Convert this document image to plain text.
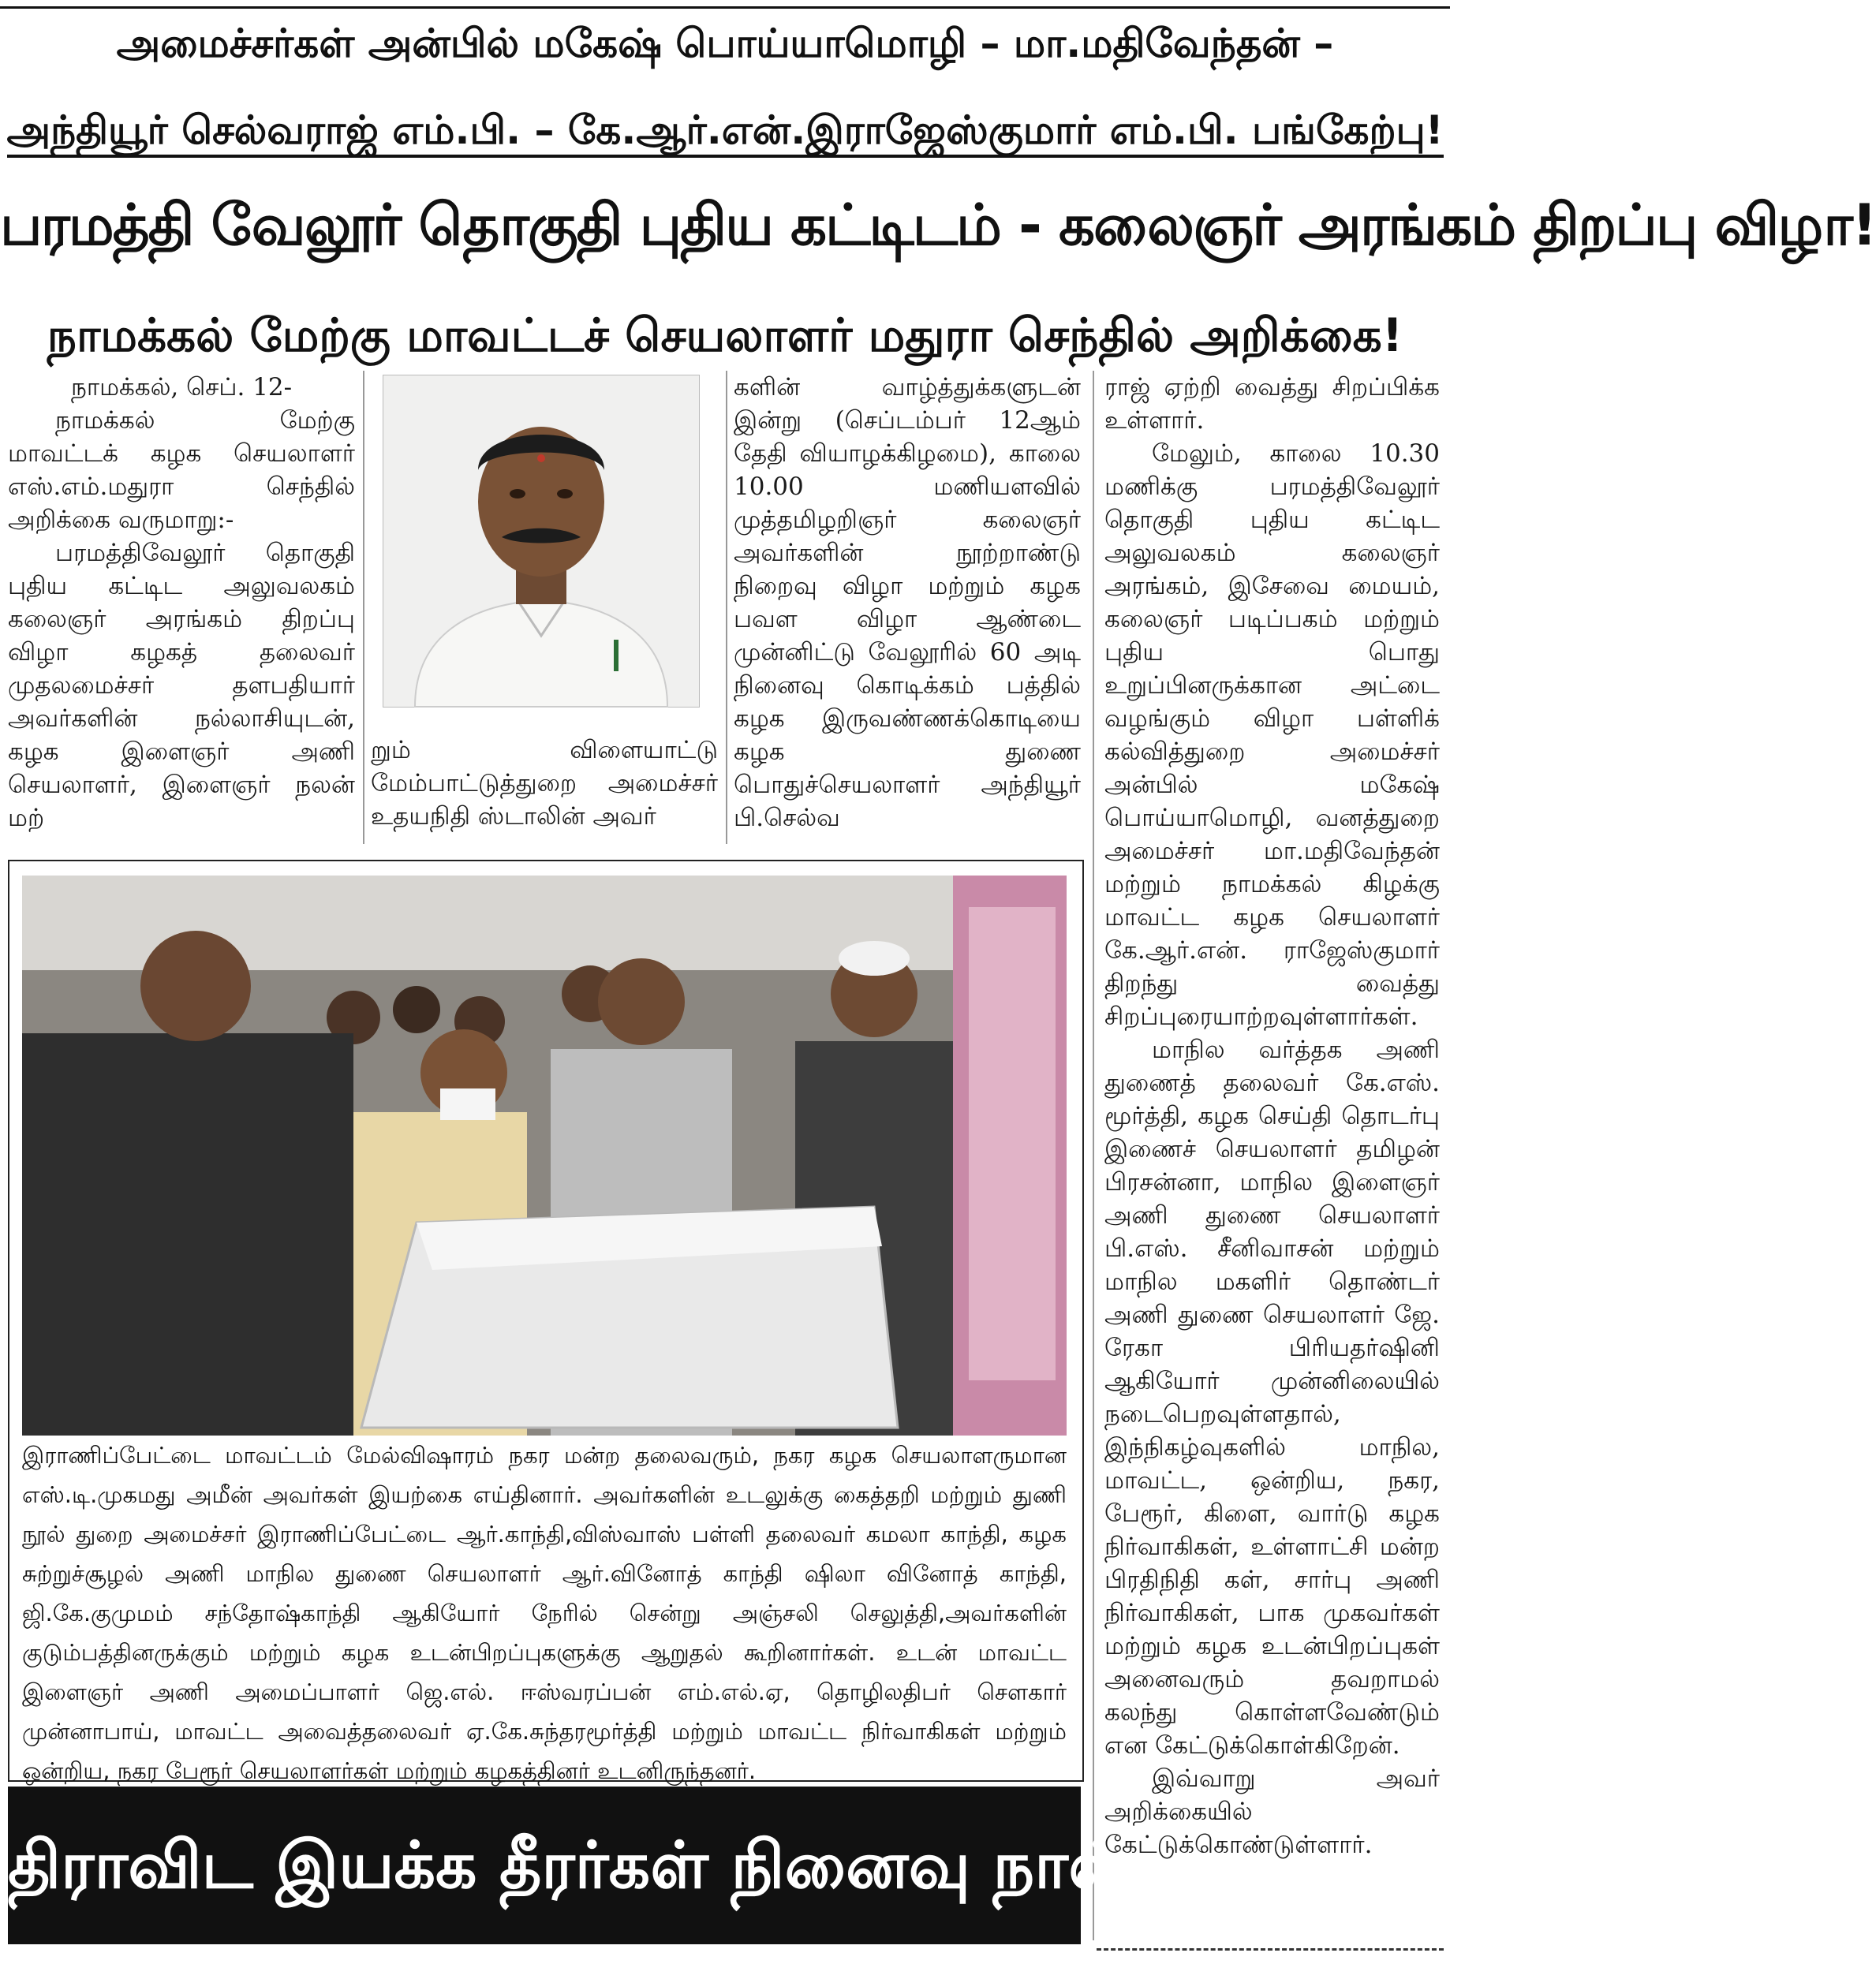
அமைச்சர்கள் அன்பில் மகேஷ் பொய்யாமொழி – மா.மதிவேந்தன் –
அந்தியூர் செல்வராஜ் எம்.பி. – கே.ஆர்.என்.இராஜேஸ்குமார் எம்.பி. பங்கேற்பு!
பரமத்தி வேலூர் தொகுதி புதிய கட்டிடம் - கலைஞர் அரங்கம் திறப்பு விழா!
நாமக்கல் மேற்கு மாவட்டச் செயலாளர் மதுரா செந்தில் அறிக்கை!

நாமக்கல், செப். 12-

நாமக்கல் மேற்கு மாவட்டக் கழக செயலாளர் எஸ்.எம்.மதுரா செந்தில் அறிக்கை வருமாறு:-

பரமத்திவேலூர் தொகுதி புதிய கட்டிட அலுவலகம் கலைஞர் அரங்கம் திறப்பு விழா கழகத் தலைவர் முதலமைச்சர் தளபதியார் அவர்களின் நல்லாசியுடன், கழக இளைஞர் அணி செயலாளர், இளைஞர் நலன் மற்

றும் விளையாட்டு மேம்பாட்டுத்துறை அமைச்சர் உதயநிதி ஸ்டாலின் அவர்

களின் வாழ்த்துக்களுடன் இன்று (செப்டம்பர் 12ஆம் தேதி வியாழக்கிழமை), காலை 10.00 மணியளவில் முத்தமிழறிஞர் கலைஞர் அவர்களின் நூற்றாண்டு நிறைவு விழா மற்றும் கழக பவள விழா ஆண்டை முன்னிட்டு வேலூரில் 60 அடி நினைவு கொடிக்கம் பத்தில் கழக இருவண்ணக்கொடியை கழக துணை பொதுச்செயலாளர் அந்தியூர் பி.செல்வ

ராஜ் ஏற்றி வைத்து சிறப்பிக்க உள்ளார்.

மேலும், காலை 10.30 மணிக்கு பரமத்திவேலூர் தொகுதி புதிய கட்டிட அலுவலகம் கலைஞர் அரங்கம், இசேவை மையம், கலைஞர் படிப்பகம் மற்றும் புதிய பொது உறுப்பினருக்கான அட்டை வழங்கும் விழா பள்ளிக் கல்வித்துறை அமைச்சர் அன்பில் மகேஷ் பொய்யாமொழி, வனத்துறை அமைச்சர் மா.மதிவேந்தன் மற்றும் நாமக்கல் கிழக்கு மாவட்ட கழக செயலாளர் கே.ஆர்.என். ராஜேஸ்குமார் திறந்து வைத்து சிறப்புரையாற்றவுள்ளார்கள்.

மாநில வர்த்தக அணி துணைத் தலைவர் கே.எஸ். மூர்த்தி, கழக செய்தி தொடர்பு இணைச் செயலாளர் தமிழன் பிரசன்னா, மாநில இளைஞர் அணி துணை செயலாளர் பி.எஸ். சீனிவாசன் மற்றும் மாநில மகளிர் தொண்டர் அணி துணை செயலாளர் ஜே. ரேகா பிரியதர்ஷினி ஆகியோர் முன்னிலையில் நடைபெறவுள்ளதால், இந்நிகழ்வுகளில் மாநில, மாவட்ட, ஒன்றிய, நகர, பேரூர், கிளை, வார்டு கழக நிர்வாகிகள், உள்ளாட்சி மன்ற பிரதிநிதி கள், சார்பு அணி நிர்வாகிகள், பாக முகவர்கள் மற்றும் கழக உடன்பிறப்புகள் அனைவரும் தவறாமல் கலந்து கொள்ளவேண்டும் என கேட்டுக்கொள்கிறேன்.

இவ்வாறு அவர் அறிக்கையில் கேட்டுக்கொண்டுள்ளார்.

இராணிப்பேட்டை மாவட்டம் மேல்விஷாரம் நகர மன்ற தலைவரும், நகர கழக செயலாளருமான எஸ்.டி.முகமது அமீன் அவர்கள் இயற்கை எய்தினார். அவர்களின் உடலுக்கு கைத்தறி மற்றும் துணி நூல் துறை அமைச்சர் இராணிப்பேட்டை ஆர்.காந்தி,விஸ்வாஸ் பள்ளி தலைவர் கமலா காந்தி, கழக சுற்றுச்சூழல் அணி மாநில துணை செயலாளர் ஆர்.வினோத் காந்தி ஷிலா வினோத் காந்தி, ஜி.கே.குமுமம் சந்தோஷ்காந்தி ஆகியோர் நேரில் சென்று அஞ்சலி செலுத்தி,அவர்களின் குடும்பத்தினருக்கும் மற்றும் கழக உடன்பிறப்புகளுக்கு ஆறுதல் கூறினார்கள். உடன் மாவட்ட இளைஞர் அணி அமைப்பாளர் ஜெ.எல். ஈஸ்வரப்பன் எம்.எல்.ஏ, தொழிலதிபர் சௌகார் முன்னாபாய், மாவட்ட அவைத்தலைவர் ஏ.கே.சுந்தரமூர்த்தி மற்றும் மாவட்ட நிர்வாகிகள் மற்றும் ஒன்றிய, நகர பேரூர் செயலாளர்கள் மற்றும் கழகத்தினர் உடனிருந்தனர்.
திராவிட இயக்க தீரர்கள் நினைவு நாள்
